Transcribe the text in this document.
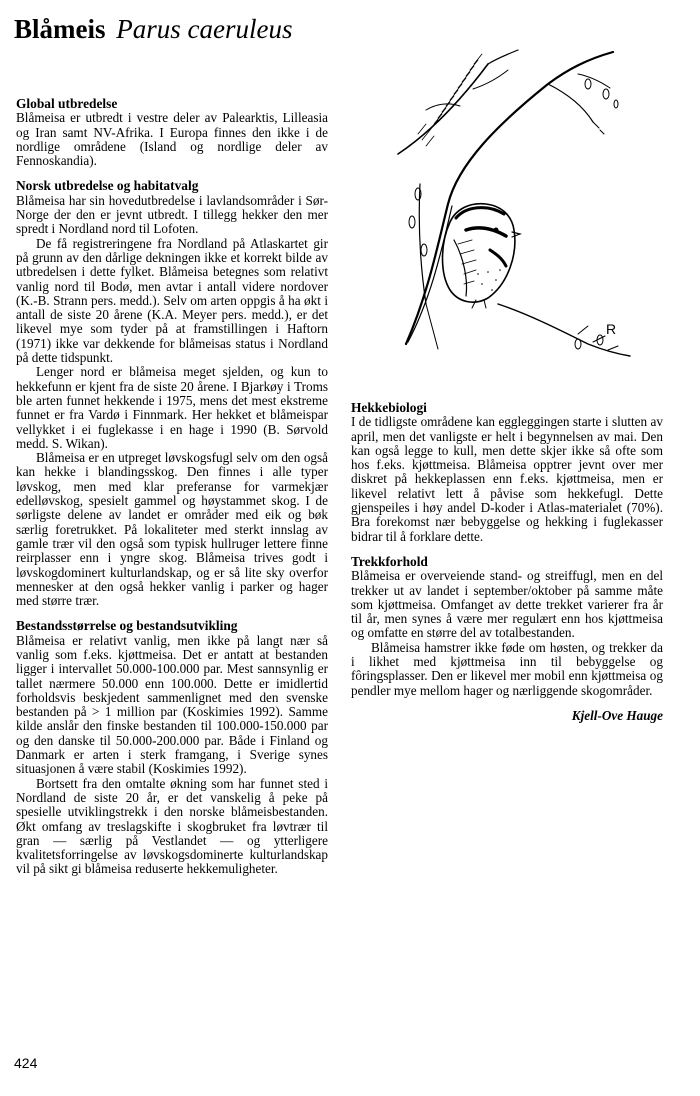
Blåmeis Parus caeruleus
R
Global utbredelse

Blåmeisa er utbredt i vestre deler av Palearktis, Lilleasia og Iran samt NV-Afrika. I Europa finnes den ikke i de nordlige områdene (Island og nordlige deler av Fennoskandia).

Norsk utbredelse og habitatvalg

Blåmeisa har sin hovedutbredelse i lavlandsområder i Sør-Norge der den er jevnt utbredt. I tillegg hekker den mer spredt i Nordland nord til Lofoten.

De få registreringene fra Nordland på Atlaskartet gir på grunn av den dårlige dekningen ikke et korrekt bilde av utbredelsen i dette fylket. Blåmeisa betegnes som relativt vanlig nord til Bodø, men avtar i antall videre nordover (K.-B. Strann pers. medd.). Selv om arten oppgis å ha økt i antall de siste 20 årene (K.A. Meyer pers. medd.), er det likevel mye som tyder på at framstillingen i Haftorn (1971) ikke var dekkende for blåmeisas status i Nordland på dette tidspunkt.

Lenger nord er blåmeisa meget sjelden, og kun to hekkefunn er kjent fra de siste 20 årene. I Bjarkøy i Troms ble arten funnet hekkende i 1975, mens det mest ekstreme funnet er fra Vardø i Finnmark. Her hekket et blåmeispar vellykket i ei fuglekasse i en hage i 1990 (B. Sørvold medd. S. Wikan).

Blåmeisa er en utpreget løvskogsfugl selv om den også kan hekke i blandingsskog. Den finnes i alle typer løvskog, men med klar preferanse for varmekjær edelløvskog, spesielt gammel og høystammet skog. I de sørligste delene av landet er områder med eik og bøk særlig foretrukket. På lokaliteter med sterkt innslag av gamle trær vil den også som typisk hullruger lettere finne reirplasser enn i yngre skog. Blåmeisa trives godt i løvskogdominert kulturlandskap, og er så lite sky overfor mennesker at den også hekker vanlig i parker og hager med større trær.

Bestandsstørrelse og bestandsutvikling

Blåmeisa er relativt vanlig, men ikke på langt nær så vanlig som f.eks. kjøttmeisa. Det er antatt at bestanden ligger i intervallet 50.000-100.000 par. Mest sannsynlig er tallet nærmere 50.000 enn 100.000. Dette er imidlertid forholdsvis beskjedent sammenlignet med den svenske bestanden på > 1 million par (Koskimies 1992). Samme kilde anslår den finske bestanden til 100.000-150.000 par og den danske til 50.000-200.000 par. Både i Finland og Danmark er arten i sterk framgang, i Sverige synes situasjonen å være stabil (Koskimies 1992).

Bortsett fra den omtalte økning som har funnet sted i Nordland de siste 20 år, er det vanskelig å peke på spesielle utviklingstrekk i den norske blåmeisbestanden. Økt omfang av treslagskifte i skogbruket fra løvtrær til gran — særlig på Vestlandet — og ytterligere kvalitetsforringelse av løvskogsdominerte kulturlandskap vil på sikt gi blåmeisa reduserte hekkemuligheter.

Hekkebiologi

I de tidligste områdene kan eggleggingen starte i slutten av april, men det vanligste er helt i begynnelsen av mai. Den kan også legge to kull, men dette skjer ikke så ofte som hos f.eks. kjøttmeisa. Blåmeisa opptrer jevnt over mer diskret på hekkeplassen enn f.eks. kjøttmeisa, men er likevel relativt lett å påvise som hekkefugl. Dette gjenspeiles i høy andel D-koder i Atlas-materialet (70%). Bra forekomst nær bebyggelse og hekking i fuglekasser bidrar til å forklare dette.

Trekkforhold

Blåmeisa er overveiende stand- og streiffugl, men en del trekker ut av landet i september/oktober på samme måte som kjøttmeisa. Omfanget av dette trekket varierer fra år til år, men synes å være mer regulært enn hos kjøttmeisa og omfatte en større del av totalbestanden.

Blåmeisa hamstrer ikke føde om høsten, og trekker da i likhet med kjøttmeisa inn til bebyggelse og fôringsplasser. Den er likevel mer mobil enn kjøttmeisa og pendler mye mellom hager og nærliggende skogområder.

Kjell-Ove Hauge
424
